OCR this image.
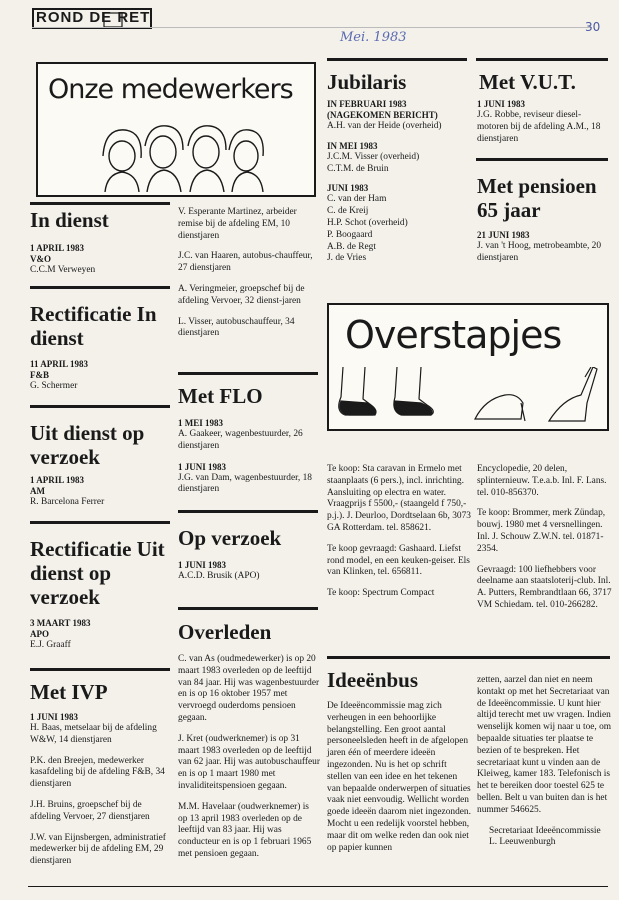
ROND DE RET
Mei. 1983
30
Onze medewerkers
In dienst
1 APRIL 1983
V&O
C.C.M Verweyen
Rectificatie In dienst
11 APRIL 1983
F&B
G. Schermer
Uit dienst op verzoek
1 APRIL 1983
AM
R. Barcelona Ferrer
Rectificatie Uit dienst op verzoek
3 MAART 1983
APO
E.J. Graaff
Met IVP
1 JUNI 1983

H. Baas, metselaar bij de afdeling W&W, 14 dienstjaren

P.K. den Breejen, medewerker kasafdeling bij de afdeling F&B, 34 dienstjaren

J.H. Bruins, groepschef bij de afdeling Vervoer, 27 dienstjaren

J.W. van Eijnsbergen, administratief medewerker bij de afdeling EM, 29 dienstjaren

V. Esperante Martinez, arbeider remise bij de afdeling EM, 10 dienstjaren

J.C. van Haaren, autobus-chauffeur, 27 dienstjaren

A. Veringmeier, groepschef bij de afdeling Vervoer, 32 dienst-jaren

L. Visser, autobuschauffeur, 34 dienstjaren

Met FLO
1 MEI 1983

A. Gaakeer, wagenbestuurder, 26 dienstjaren

1 JUNI 1983

J.G. van Dam, wagenbestuurder, 18 dienstjaren

Op verzoek
1 JUNI 1983
A.C.D. Brusik (APO)
Overleden

C. van As (oudmedewerker) is op 20 maart 1983 overleden op de leeftijd van 84 jaar. Hij was wagenbestuurder en is op 16 oktober 1957 met vervroegd ouderdoms pensioen gegaan.

J. Kret (oudwerknemer) is op 31 maart 1983 overleden op de leeftijd van 62 jaar. Hij was autobuschauffeur en is op 1 maart 1980 met invaliditeitspensioen gegaan.

M.M. Havelaar (oudwerknemer) is op 13 april 1983 overleden op de leeftijd van 83 jaar. Hij was conducteur en is op 1 februari 1965 met pensioen gegaan.

Jubilaris
IN FEBRUARI 1983 (NAGEKOMEN BERICHT)
A.H. van der Heide (overheid)
IN MEI 1983
J.C.M. Visser (overheid)
C.T.M. de Bruin
JUNI 1983
C. van der Ham
C. de Kreij
H.P. Schot (overheid)
P. Boogaard
A.B. de Regt
J. de Vries
Met V.U.T.
1 JUNI 1983
J.G. Robbe, reviseur diesel-motoren bij de afdeling A.M., 18 dienstjaren
Met pensioen 65 jaar
21 JUNI 1983
J. van 't Hoog, metrobeambte, 20 dienstjaren
Overstapjes

Te koop: Sta caravan in Ermelo met staanplaats (6 pers.), incl. inrichting. Aansluiting op electra en water. Vraagprijs f 5500,- (staangeld f 750,- p.j.). J. Deurloo, Dordtselaan 6b, 3073 GA Rotterdam. tel. 858621.

Te koop gevraagd: Gashaard. Liefst rond model, en een keuken-geiser. Els van Klinken, tel. 656811.

Te koop: Spectrum Compact

Encyclopedie, 20 delen, splinternieuw. T.e.a.b. Inl. F. Lans. tel. 010-856370.

Te koop: Brommer, merk Zündap, bouwj. 1980 met 4 versnellingen. Inl. J. Schouw Z.W.N. tel. 01871-2354.

Gevraagd: 100 liefhebbers voor deelname aan staatsloterij-club. Inl. A. Putters, Rembrandtlaan 66, 3717 VM Schiedam. tel. 010-266282.

Ideeënbus
De Ideeëncommissie mag zich verheugen in een behoorlijke belangstelling. Een groot aantal personeelsleden heeft in de afgelopen jaren één of meerdere ideeën ingezonden. Nu is het op schrift stellen van een idee en het tekenen van bepaalde onderwerpen of situaties vaak niet eenvoudig. Wellicht worden goede ideeën daarom niet ingezonden. Mocht u een redelijk voorstel hebben, maar dit om welke reden dan ook niet op papier kunnen

zetten, aarzel dan niet en neem kontakt op met het Secretariaat van de Ideeëncommissie. U kunt hier altijd terecht met uw vragen. Indien wenselijk komen wij naar u toe, om bepaalde situaties ter plaatse te bezien of te bespreken. Het secretariaat kunt u vinden aan de Kleiweg, kamer 183. Telefonisch is het te bereiken door toestel 625 te bellen. Belt u van buiten dan is het nummer 546625.

Secretariaat Ideeëncommissie
L. Leeuwenburgh
